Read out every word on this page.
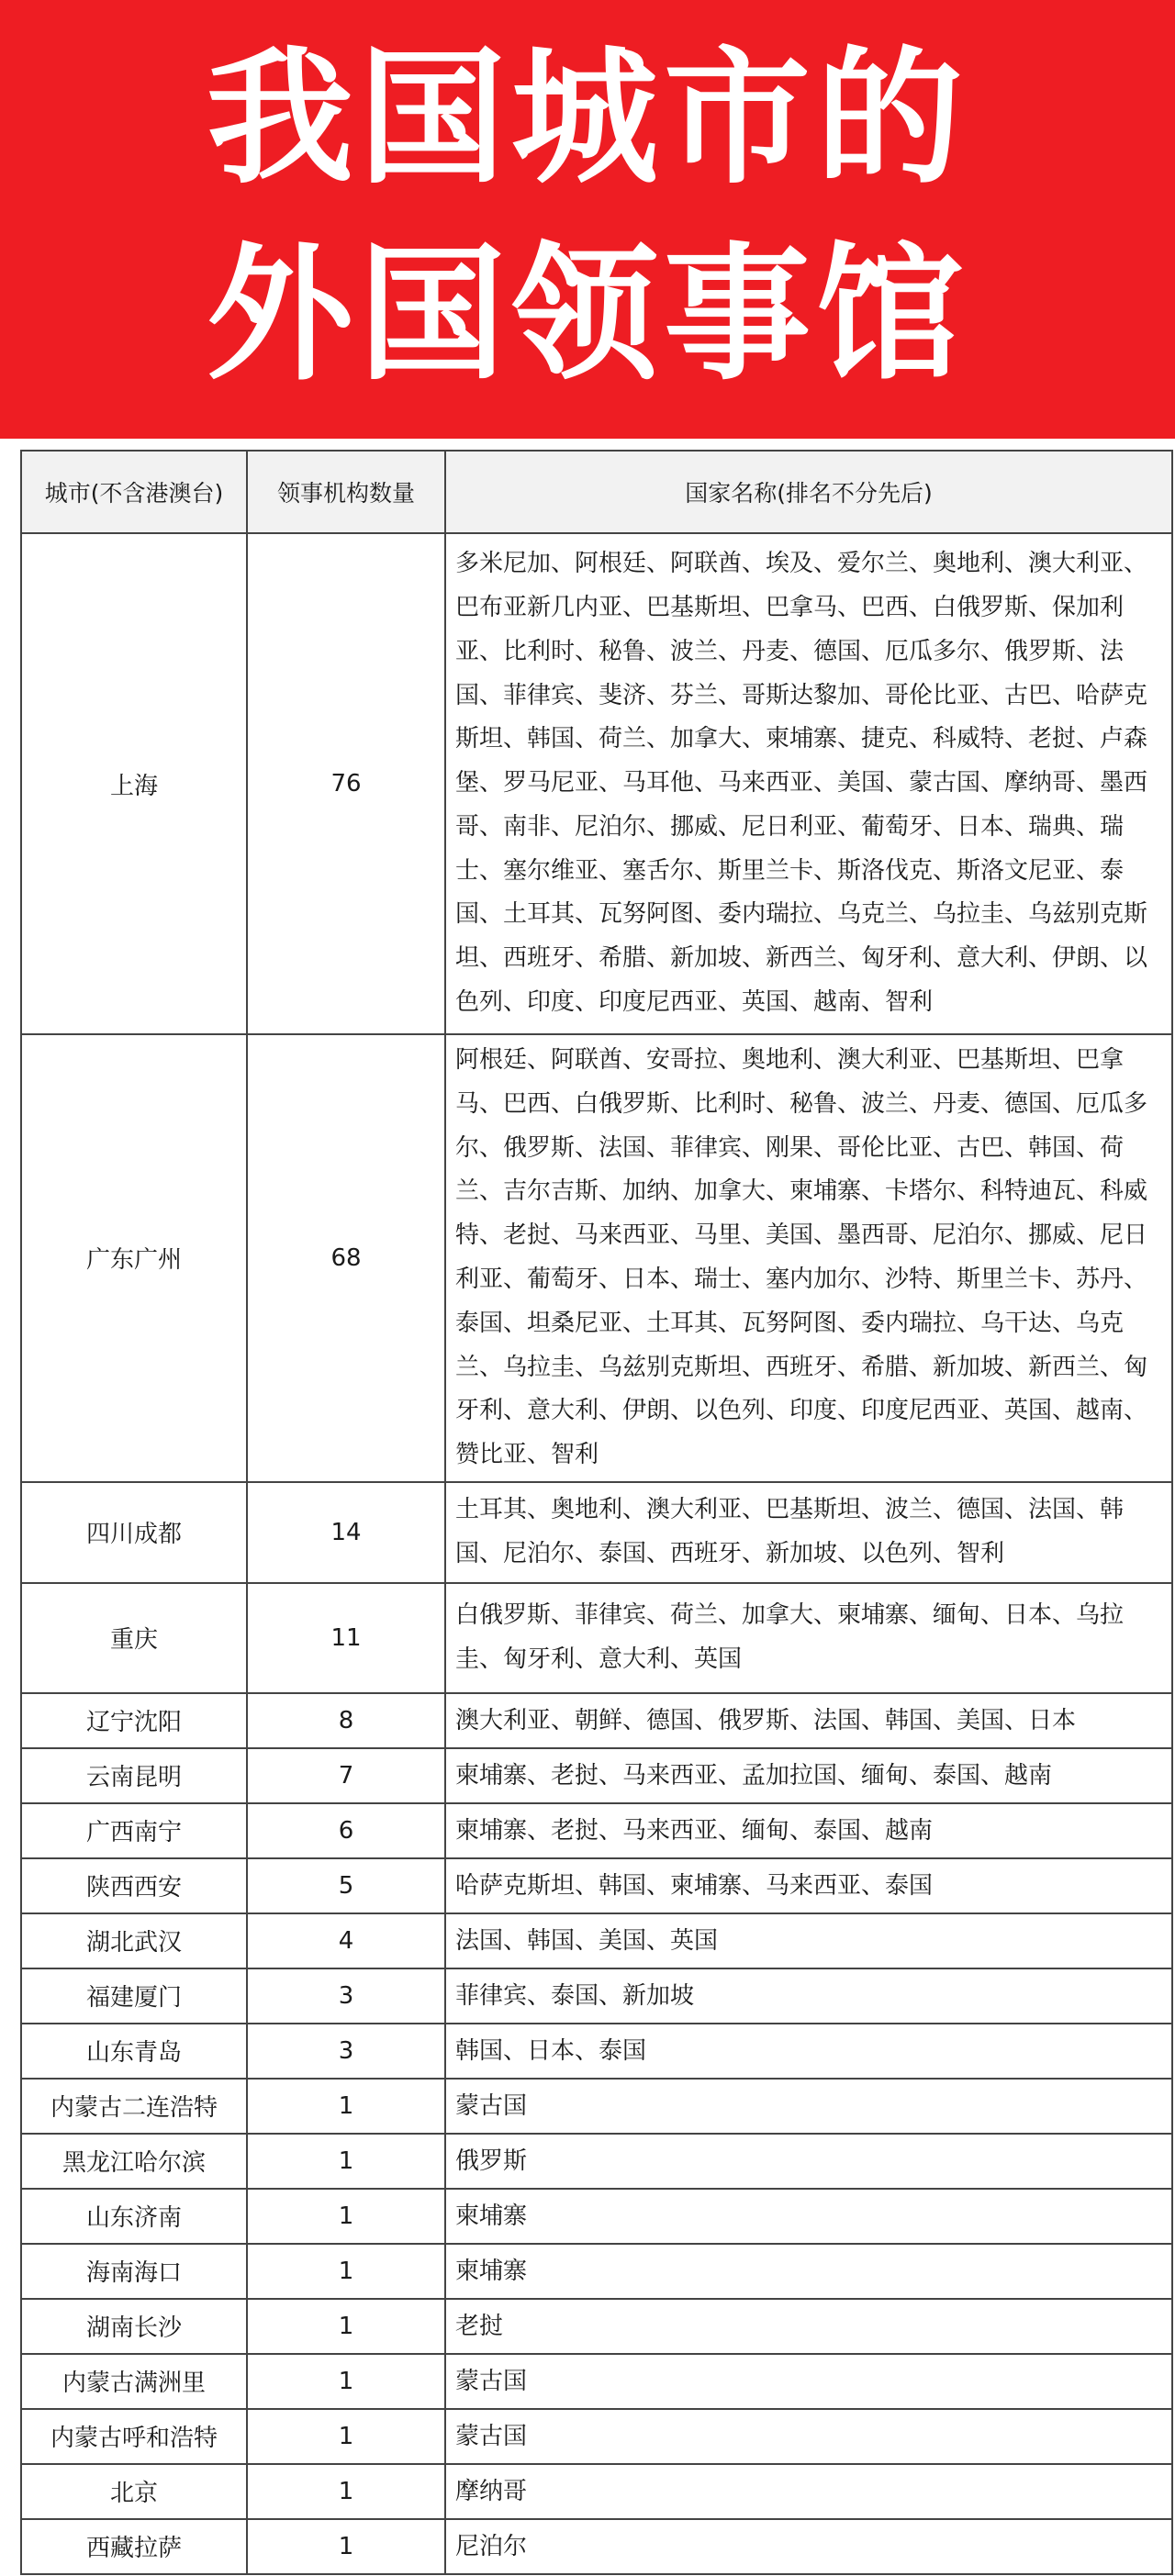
我国城市的
外国领事馆
城市(不含港澳台)	领事机构数量	国家名称(排名不分先后)
上海	76	多米尼加、阿根廷、阿联酋、埃及、爱尔兰、奥地利、澳大利亚、巴布亚新几内亚、巴基斯坦、巴拿马、巴西、白俄罗斯、保加利亚、比利时、秘鲁、波兰、丹麦、德国、厄瓜多尔、俄罗斯、法国、菲律宾、斐济、芬兰、哥斯达黎加、哥伦比亚、古巴、哈萨克斯坦、韩国、荷兰、加拿大、柬埔寨、捷克、科威特、老挝、卢森堡、罗马尼亚、马耳他、马来西亚、美国、蒙古国、摩纳哥、墨西哥、南非、尼泊尔、挪威、尼日利亚、葡萄牙、日本、瑞典、瑞士、塞尔维亚、塞舌尔、斯里兰卡、斯洛伐克、斯洛文尼亚、泰国、土耳其、瓦努阿图、委内瑞拉、乌克兰、乌拉圭、乌兹别克斯坦、西班牙、希腊、新加坡、新西兰、匈牙利、意大利、伊朗、以色列、印度、印度尼西亚、英国、越南、智利
广东广州	68	阿根廷、阿联酋、安哥拉、奥地利、澳大利亚、巴基斯坦、巴拿马、巴西、白俄罗斯、比利时、秘鲁、波兰、丹麦、德国、厄瓜多尔、俄罗斯、法国、菲律宾、刚果、哥伦比亚、古巴、韩国、荷兰、吉尔吉斯、加纳、加拿大、柬埔寨、卡塔尔、科特迪瓦、科威特、老挝、马来西亚、马里、美国、墨西哥、尼泊尔、挪威、尼日利亚、葡萄牙、日本、瑞士、塞内加尔、沙特、斯里兰卡、苏丹、泰国、坦桑尼亚、土耳其、瓦努阿图、委内瑞拉、乌干达、乌克兰、乌拉圭、乌兹别克斯坦、西班牙、希腊、新加坡、新西兰、匈牙利、意大利、伊朗、以色列、印度、印度尼西亚、英国、越南、赞比亚、智利
四川成都	14	土耳其、奥地利、澳大利亚、巴基斯坦、波兰、德国、法国、韩国、尼泊尔、泰国、西班牙、新加坡、以色列、智利
重庆	11	白俄罗斯、菲律宾、荷兰、加拿大、柬埔寨、缅甸、日本、乌拉圭、匈牙利、意大利、英国
辽宁沈阳	8	澳大利亚、朝鲜、德国、俄罗斯、法国、韩国、美国、日本
云南昆明	7	柬埔寨、老挝、马来西亚、孟加拉国、缅甸、泰国、越南
广西南宁	6	柬埔寨、老挝、马来西亚、缅甸、泰国、越南
陕西西安	5	哈萨克斯坦、韩国、柬埔寨、马来西亚、泰国
湖北武汉	4	法国、韩国、美国、英国
福建厦门	3	菲律宾、泰国、新加坡
山东青岛	3	韩国、日本、泰国
内蒙古二连浩特	1	蒙古国
黑龙江哈尔滨	1	俄罗斯
山东济南	1	柬埔寨
海南海口	1	柬埔寨
湖南长沙	1	老挝
内蒙古满洲里	1	蒙古国
内蒙古呼和浩特	1	蒙古国
北京	1	摩纳哥
西藏拉萨	1	尼泊尔
